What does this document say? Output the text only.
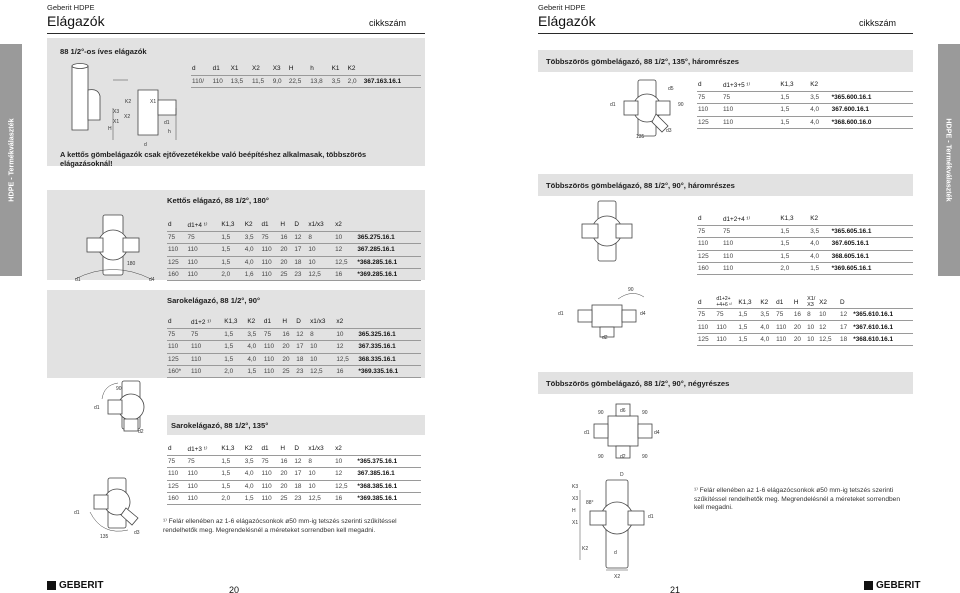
Geberit HDPE
Elágazók	cikkszám
HDPE - Termékválaszték
88 1/2°-os íves elágazók
K2
X3
X1
H
X2
X1
d1
h
d
d	d1	X1	X2	X3	H	h	K1	K2	
110/	110	13,5	11,5	9,0	22,5	13,8	3,5	2,0	367.163.16.1
A kettős gömbelágazók csak ejtővezetékekbe való beépítéshez alkalmasak, többszörös elágazásoknál!
Kettős elágazó, 88 1/2°, 180°
180
d1	d4
d	d1+4 ¹⁾	K1,3	K2	d1	H	D	x1/x3	x2	
75	75	1,5	3,5	75	16	12	8	10	365.275.16.1
110	110	1,5	4,0	110	20	17	10	12	367.285.16.1
125	110	1,5	4,0	110	20	18	10	12,5	*368.285.16.1
160	110	2,0	1,6	110	25	23	12,5	16	*369.285.16.1
Sarokelágazó, 88 1/2°, 90°
90
d1
d2
d	d1+2 ¹⁾	K1,3	K2	d1	H	D	x1/x3	x2	
75	75	1,5	3,5	75	16	12	8	10	365.325.16.1
110	110	1,5	4,0	110	20	17	10	12	367.335.16.1
125	110	1,5	4,0	110	20	18	10	12,5	368.335.16.1
160*	110	2,0	1,5	110	25	23	12,5	16	*369.335.16.1
Sarokelágazó, 88 1/2°, 135°
d1
135
d3
d	d1+3 ¹⁾	K1,3	K2	d1	H	D	x1/x3	x2	
75	75	1,5	3,5	75	16	12	8	10	*365.375.16.1
110	110	1,5	4,0	110	20	17	10	12	367.385.16.1
125	110	1,5	4,0	110	20	18	10	12,5	*368.385.16.1
160	110	2,0	1,5	110	25	23	12,5	16	*369.385.16.1
¹⁾ Felár ellenében az 1-6 elágazócsonkok ø50 mm-ig tetszés szerinti szűkítéssel rendelhetők meg. Megrendelésnél a méreteket sorrendben kell megadni.
GEBERIT	20
Geberit HDPE
Elágazók	cikkszám
HDPE - Termékválaszték
Többszörös gömbelágazó, 88 1/2°, 135°, háromrészes
d1
d5
90
135
d3
d	d1+3+5 ¹⁾	K1,3	K2	
75	75	1,5	3,5	*365.600.16.1
110	110	1,5	4,0	367.600.16.1
125	110	1,5	4,0	*368.600.16.0
Többszörös gömbelágazó, 88 1/2°, 90°, háromrészes
90
d1	d4
d2
d	d1+2+4 ¹⁾	K1,3	K2	
75	75	1,5	3,5	*365.605.16.1
110	110	1,5	4,0	367.605.16.1
125	110	1,5	4,0	368.605.16.1
160	110	2,0	1,5	*369.605.16.1
d	d1+2+ +4+6 ¹⁾	K1,3	K2	d1	H	X1/ X3	X2	D	
75	75	1,5	3,5	75	16	8	10	12	*365.610.16.1
110	110	1,5	4,0	110	20	10	12	17	*367.610.16.1
125	110	1,5	4,0	110	20	10	12,5	18	*368.610.16.1
Többszörös gömbelágazó, 88 1/2°, 90°, négyrészes
90	d6	90
d1	d4
90	d2	90
D
K3
X3
H
X1
88°
d1
d
K2
X2
¹⁾ Felár ellenében az 1-6 elágazócsonkok ø50 mm-ig tetszés szerinti szűkítéssel rendelhetők meg. Megrendelésnél a méreteket sorrendben kell megadni.
GEBERIT
21
